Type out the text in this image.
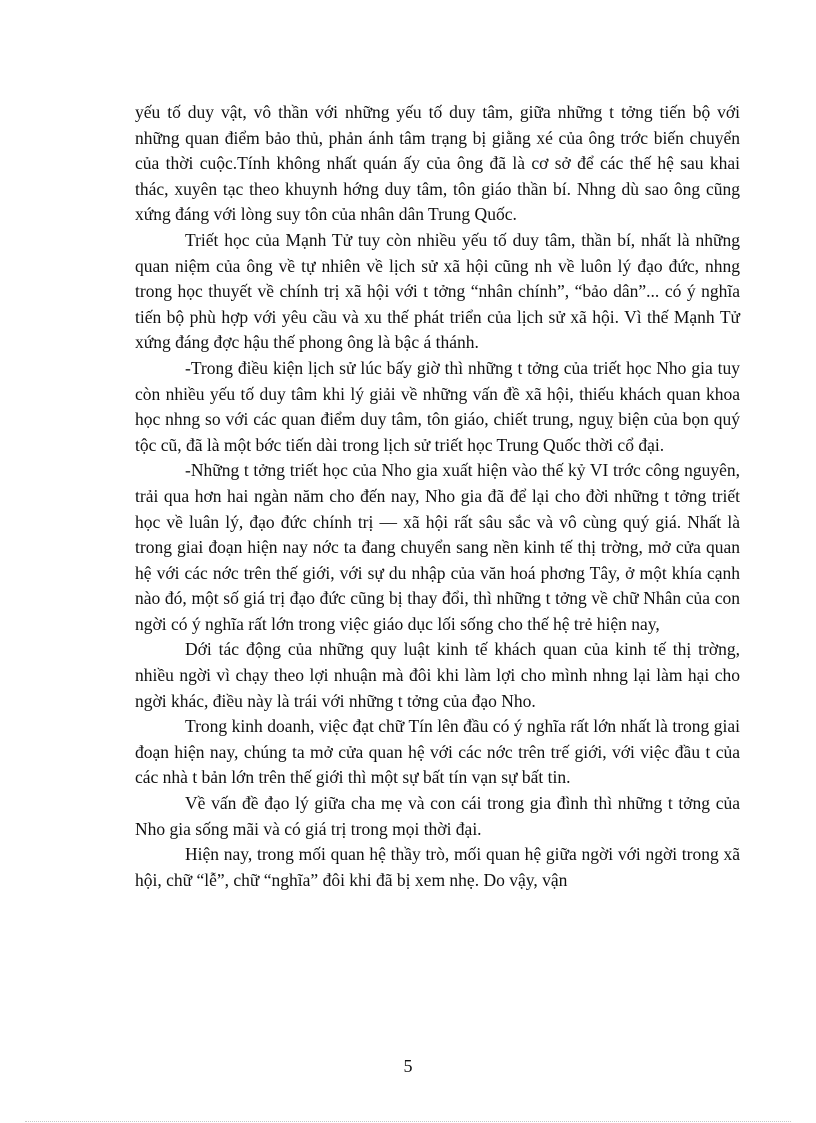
yếu tố duy vật, vô thần với những yếu tố duy tâm, giữa những t tởng tiến bộ với những quan điểm bảo thủ, phản ánh tâm trạng bị giằng xé của ông trớc biến chuyển của thời cuộc.Tính không nhất quán ấy của ông đã là cơ sở để các thế hệ sau khai thác, xuyên tạc theo khuynh hớng duy tâm, tôn giáo thần bí. Nhng dù sao ông cũng xứng đáng với lòng suy tôn của nhân dân Trung Quốc.

Triết học của Mạnh Tử tuy còn nhiều yếu tố duy tâm, thần bí, nhất là những quan niệm của ông về tự nhiên về lịch sử xã hội cũng nh về luôn lý đạo đức, nhng trong học thuyết về chính trị xã hội với t tởng “nhân chính”, “bảo dân”... có ý nghĩa tiến bộ phù hợp với yêu cầu và xu thế phát triển của lịch sử xã hội. Vì thế Mạnh Tử xứng đáng đợc hậu thế phong ông là bậc á thánh.

-Trong điều kiện lịch sử lúc bấy giờ thì những t tởng của triết học Nho gia tuy còn nhiều yếu tố duy tâm khi lý giải về những vấn đề xã hội, thiếu khách quan khoa học nhng so với các quan điểm duy tâm, tôn giáo, chiết trung, nguỵ biện của bọn quý tộc cũ, đã là một bớc tiến dài trong lịch sử triết học Trung Quốc thời cổ đại.

-Những t tởng triết học của Nho gia xuất hiện vào thế kỷ VI trớc công nguyên, trải qua hơn hai ngàn năm cho đến nay, Nho gia đã để lại cho đời những t tởng triết học về luân lý, đạo đức chính trị — xã hội rất sâu sắc và vô cùng quý giá. Nhất là trong giai đoạn hiện nay nớc ta đang chuyển sang nền kinh tế thị trờng, mở cửa quan hệ với các nớc trên thế giới, với sự du nhập của văn hoá phơng Tây, ở một khía cạnh nào đó, một số giá trị đạo đức cũng bị thay đổi, thì những t tởng về chữ Nhân của con ngời có ý nghĩa rất lớn trong việc giáo dục lối sống cho thế hệ trẻ hiện nay,

Dới tác động của những quy luật kinh tế khách quan của kinh tế thị trờng, nhiều ngời vì chạy theo lợi nhuận mà đôi khi làm lợi cho mình nhng lại làm hại cho ngời khác, điều này là trái với những t tởng của đạo Nho.

Trong kinh doanh, việc đạt chữ Tín lên đầu có ý nghĩa rất lớn nhất là trong giai đoạn hiện nay, chúng ta mở cửa quan hệ với các nớc trên trế giới, với việc đầu t của các nhà t bản lớn trên thế giới thì một sự bất tín vạn sự bất tin.

Về vấn đề đạo lý giữa cha mẹ và con cái trong gia đình thì những t tởng của Nho gia sống mãi và có giá trị trong mọi thời đại.

Hiện nay, trong mối quan hệ thầy trò, mối quan hệ giữa ngời với ngời trong xã hội, chữ “lễ”, chữ “nghĩa” đôi khi đã bị xem nhẹ. Do vậy, vận

5
